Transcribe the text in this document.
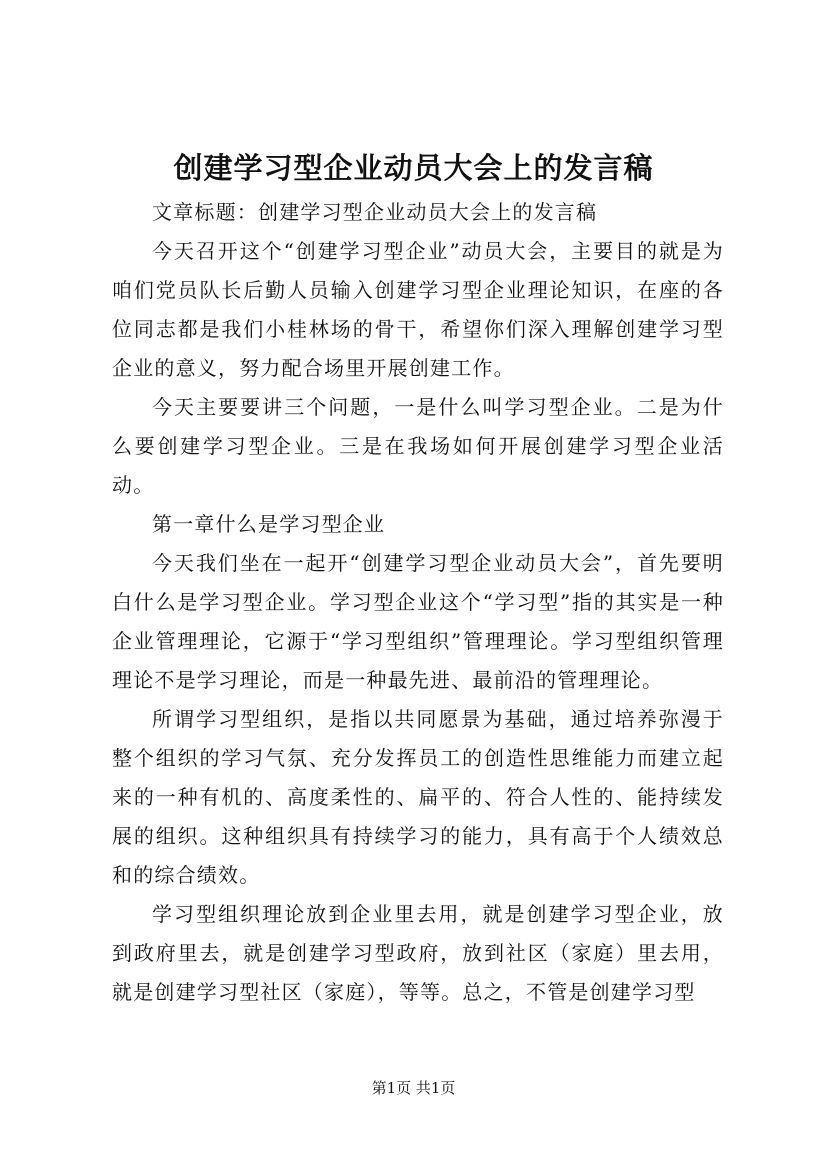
创建学习型企业动员大会上的发言稿

文章标题：创建学习型企业动员大会上的发言稿

今天召开这个“创建学习型企业”动员大会，主要目的就是为咱们党员队长后勤人员输入创建学习型企业理论知识，在座的各位同志都是我们小桂林场的骨干，希望你们深入理解创建学习型企业的意义，努力配合场里开展创建工作。

今天主要要讲三个问题，一是什么叫学习型企业。二是为什么要创建学习型企业。三是在我场如何开展创建学习型企业活动。

第一章什么是学习型企业

今天我们坐在一起开“创建学习型企业动员大会”，首先要明白什么是学习型企业。学习型企业这个“学习型”指的其实是一种企业管理理论，它源于“学习型组织”管理理论。学习型组织管理理论不是学习理论，而是一种最先进、最前沿的管理理论。

所谓学习型组织，是指以共同愿景为基础，通过培养弥漫于整个组织的学习气氛、充分发挥员工的创造性思维能力而建立起来的一种有机的、高度柔性的、扁平的、符合人性的、能持续发展的组织。这种组织具有持续学习的能力，具有高于个人绩效总和的综合绩效。

学习型组织理论放到企业里去用，就是创建学习型企业，放到政府里去，就是创建学习型政府，放到社区（家庭）里去用，就是创建学习型社区（家庭），等等。总之，不管是创建学习型

第1页 共1页
